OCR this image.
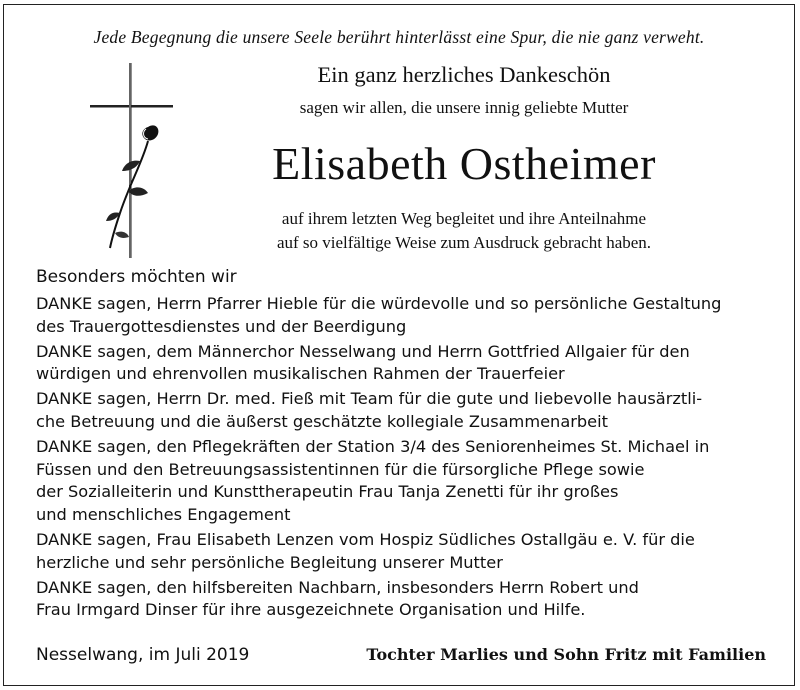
Jede Begegnung die unsere Seele berührt hinterlässt eine Spur, die nie ganz verweht.
Ein ganz herzliches Dankeschön
sagen wir allen, die unsere innig geliebte Mutter
Elisabeth Ostheimer
auf ihrem letzten Weg begleitet und ihre Anteilnahme
auf so vielfältige Weise zum Ausdruck gebracht haben.
Besonders möchten wir
DANKE sagen, Herrn Pfarrer Hieble für die würdevolle und so persönliche Gestaltung
des Trauergottesdienstes und der Beerdigung
DANKE sagen, dem Männerchor Nesselwang und Herrn Gottfried Allgaier für den
würdigen und ehrenvollen musikalischen Rahmen der Trauerfeier
DANKE sagen, Herrn Dr. med. Fieß mit Team für die gute und liebevolle hausärztli-
che Betreuung und die äußerst geschätzte kollegiale Zusammenarbeit
DANKE sagen, den Pflegekräften der Station 3/4 des Seniorenheimes St. Michael in
Füssen und den Betreuungsassistentinnen für die fürsorgliche Pflege sowie
der Sozialleiterin und Kunsttherapeutin Frau Tanja Zenetti für ihr großes
und menschliches Engagement
DANKE sagen, Frau Elisabeth Lenzen vom Hospiz Südliches Ostallgäu e. V. für die
herzliche und sehr persönliche Begleitung unserer Mutter
DANKE sagen, den hilfsbereiten Nachbarn, insbesonders Herrn Robert und
Frau Irmgard Dinser für ihre ausgezeichnete Organisation und Hilfe.
Nesselwang, im Juli 2019	Tochter Marlies und Sohn Fritz mit Familien
